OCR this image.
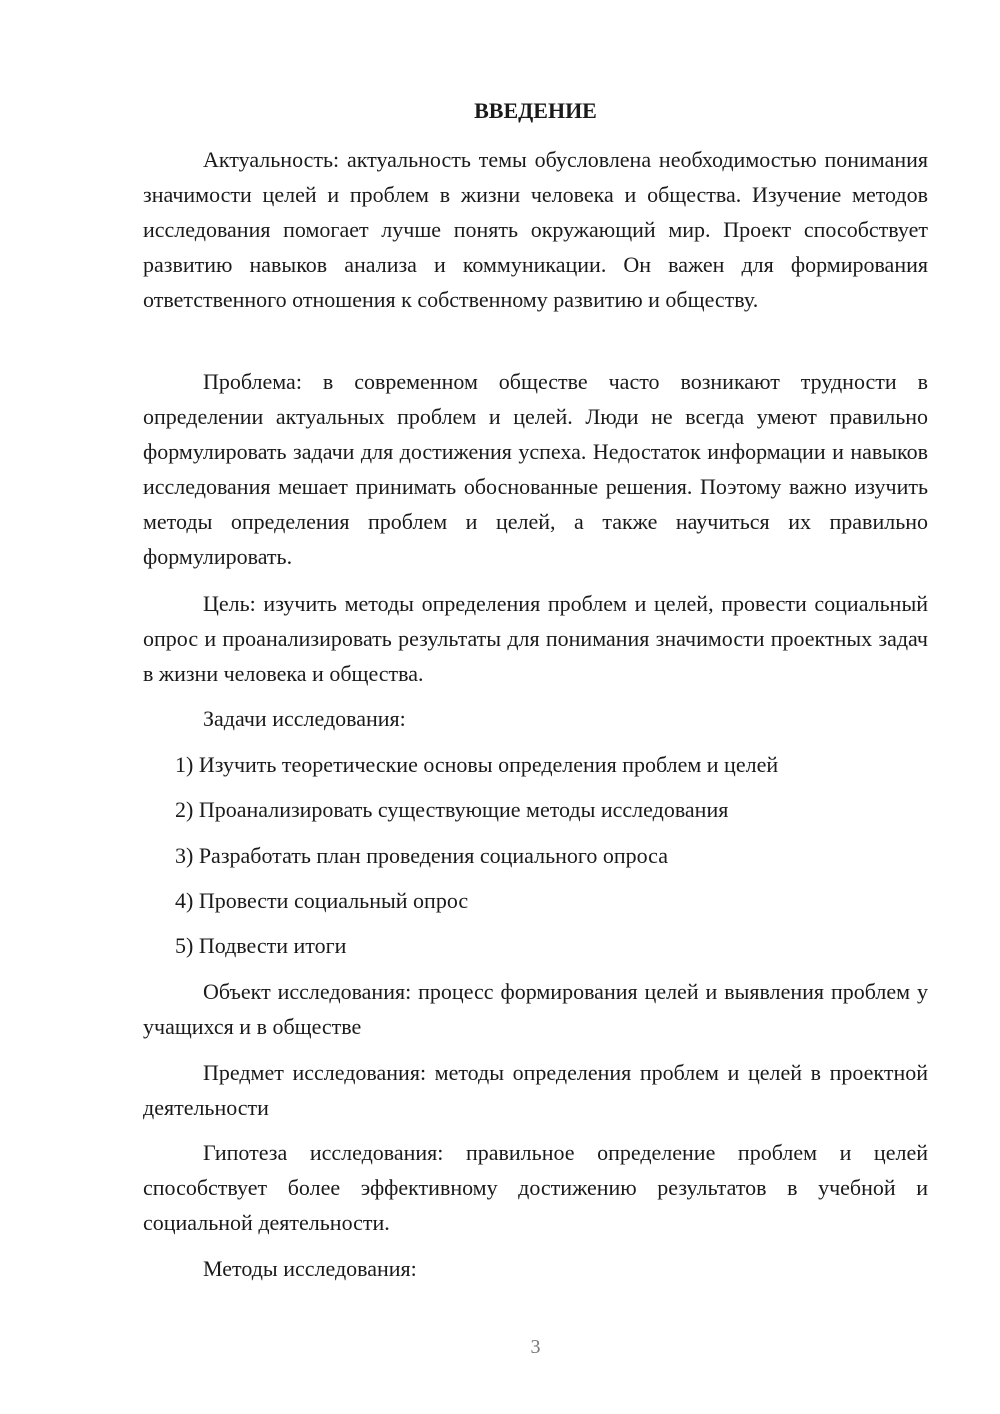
ВВЕДЕНИЕ

Актуальность: актуальность темы обусловлена необходимостью понимания значимости целей и проблем в жизни человека и общества. Изучение методов исследования помогает лучше понять окружающий мир. Проект способствует развитию навыков анализа и коммуникации. Он важен для формирования ответственного отношения к собственному развитию и обществу.

Проблема: в современном обществе часто возникают трудности в определении актуальных проблем и целей. Люди не всегда умеют правильно формулировать задачи для достижения успеха. Недостаток информации и навыков исследования мешает принимать обоснованные решения. Поэтому важно изучить методы определения проблем и целей, а также научиться их правильно формулировать.

Цель: изучить методы определения проблем и целей, провести социальный опрос и проанализировать результаты для понимания значимости проектных задач в жизни человека и общества.

Задачи исследования:

1) Изучить теоретические основы определения проблем и целей

2) Проанализировать существующие методы исследования

3) Разработать план проведения социального опроса

4) Провести социальный опрос

5) Подвести итоги

Объект исследования: процесс формирования целей и выявления проблем у учащихся и в обществе

Предмет исследования: методы определения проблем и целей в проектной деятельности

Гипотеза исследования: правильное определение проблем и целей способствует более эффективному достижению результатов в учебной и социальной деятельности.

Методы исследования:

3
